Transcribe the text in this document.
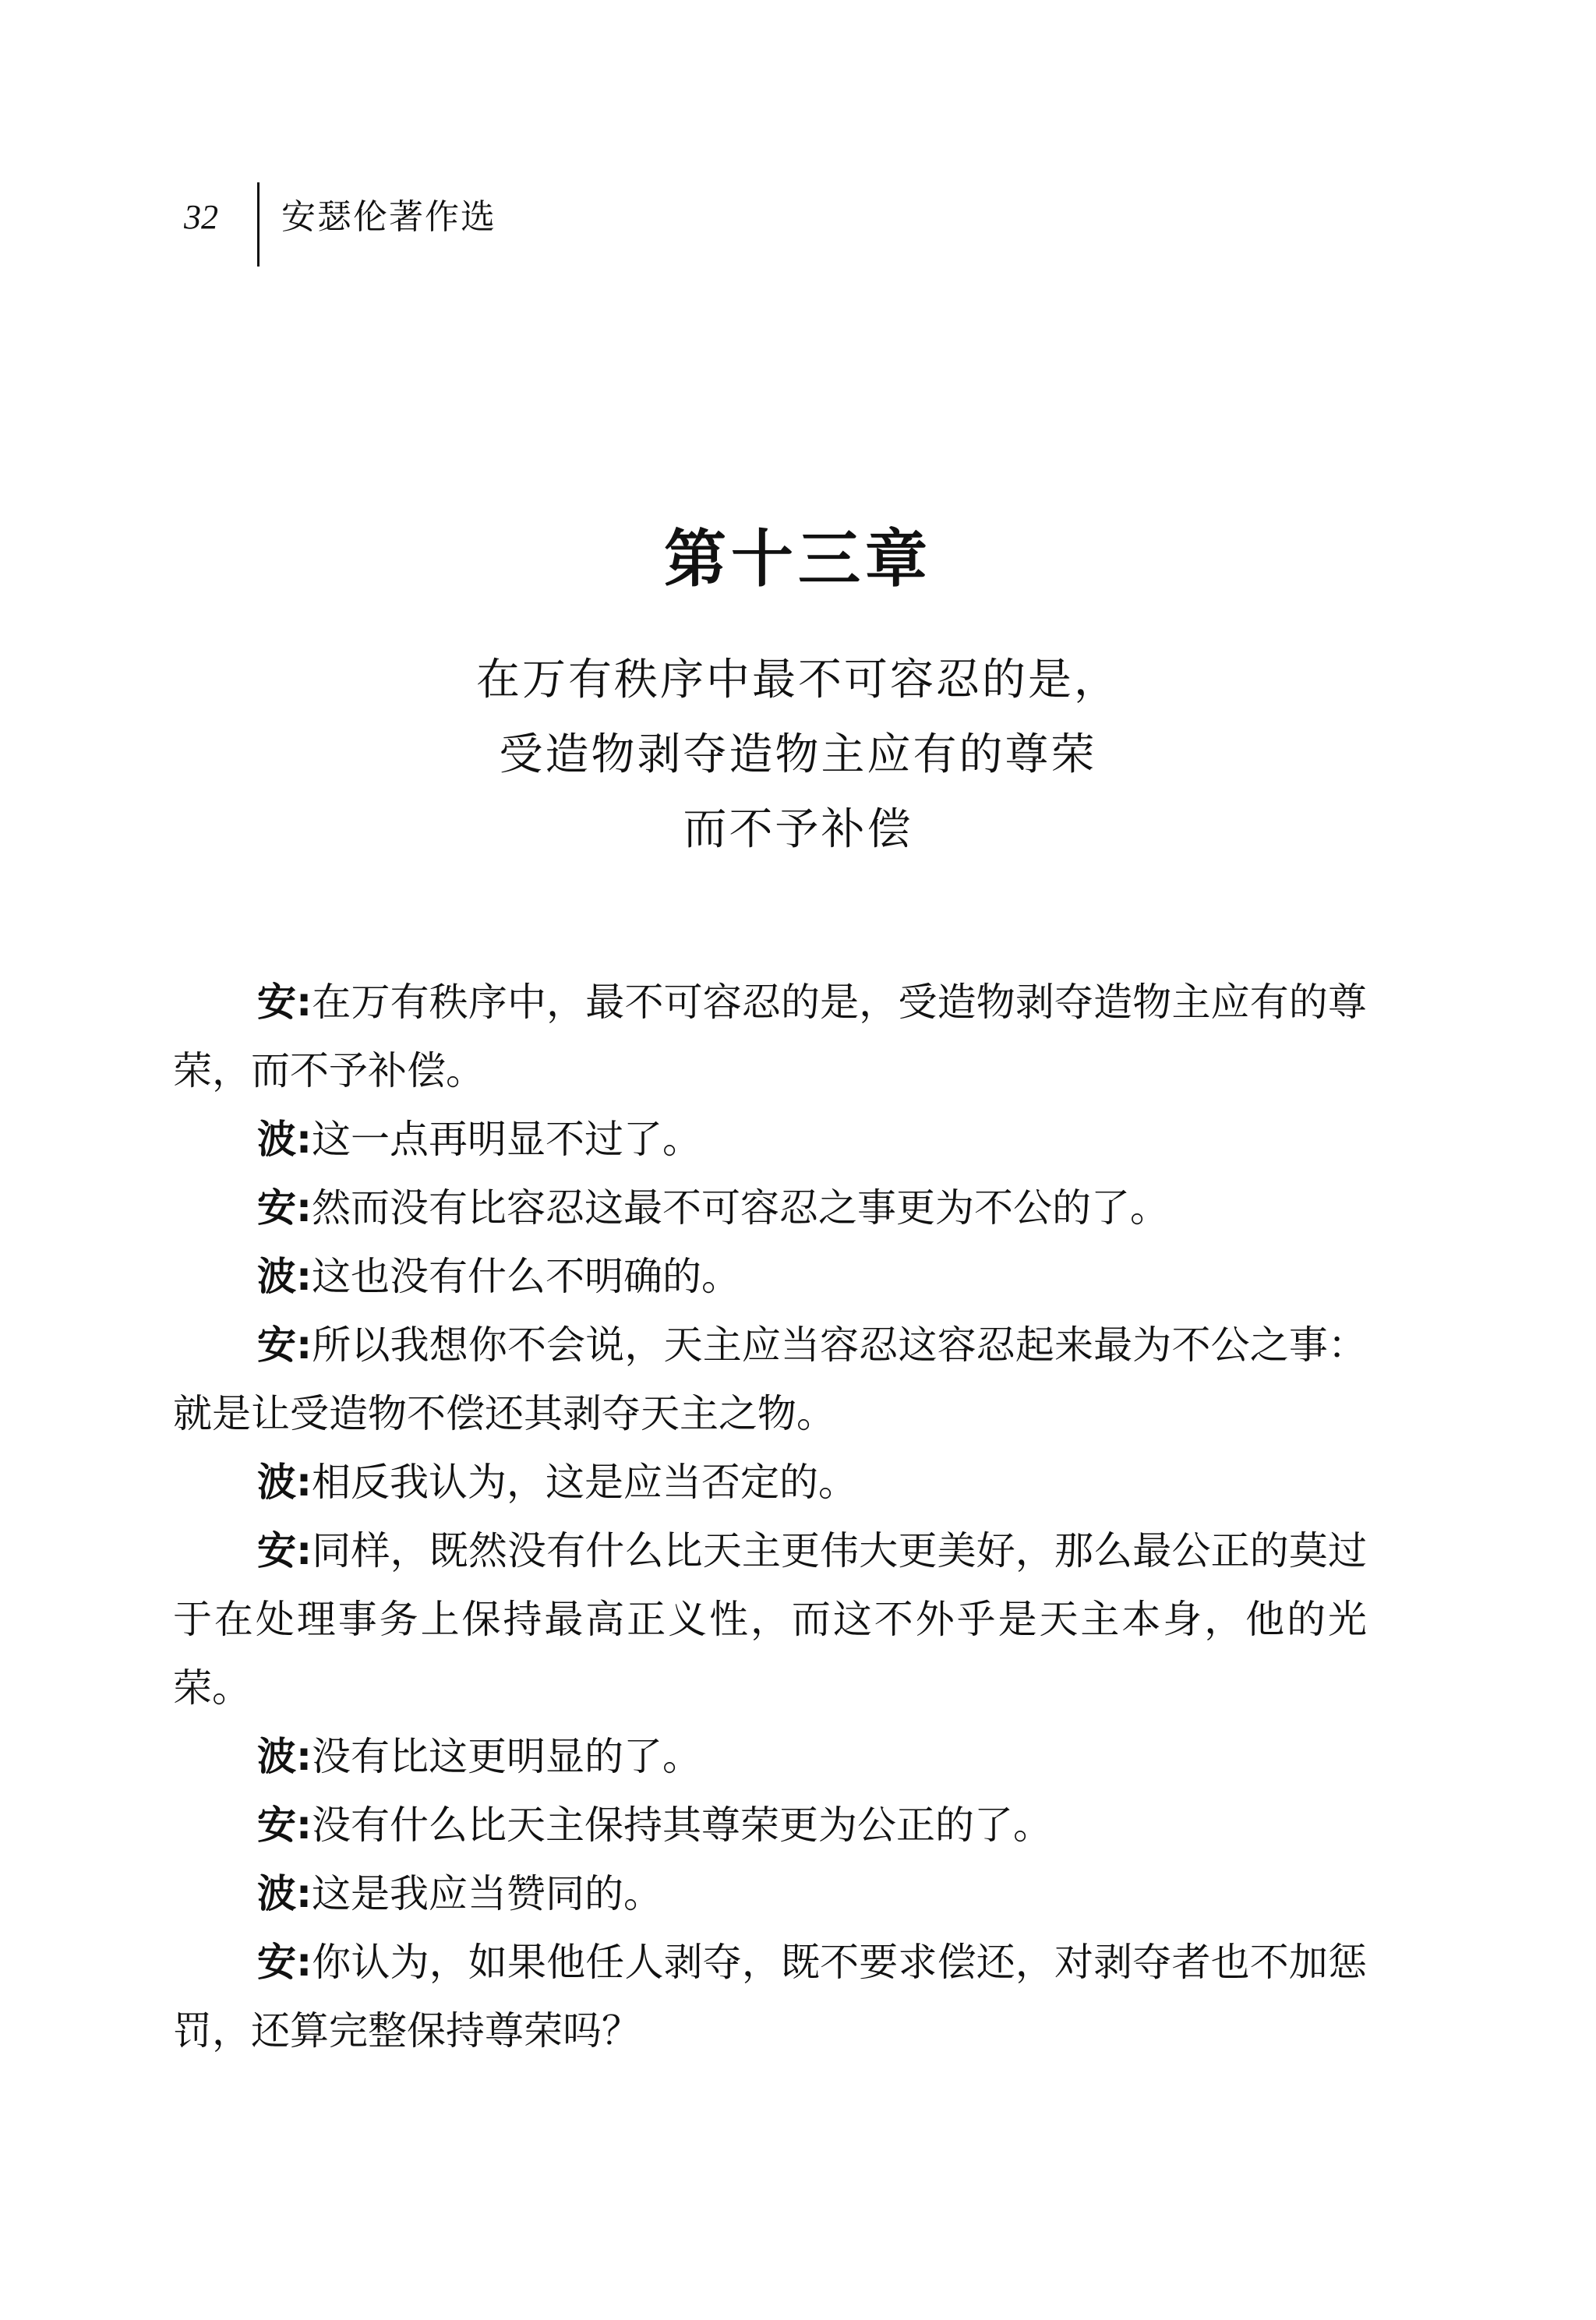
32 安瑟伦著作选
第十三章
在万有秩序中最不可容忍的是，
受造物剥夺造物主应有的尊荣
而不予补偿

安:在万有秩序中，最不可容忍的是，受造物剥夺造物主应有的尊荣，而不予补偿。

波:这一点再明显不过了。

安:然而没有比容忍这最不可容忍之事更为不公的了。

波:这也没有什么不明确的。

安:所以我想你不会说，天主应当容忍这容忍起来最为不公之事：就是让受造物不偿还其剥夺天主之物。

波:相反我认为，这是应当否定的。

安:同样，既然没有什么比天主更伟大更美好，那么最公正的莫过于在处理事务上保持最高正义性，而这不外乎是天主本身，他的光荣。

波:没有比这更明显的了。

安:没有什么比天主保持其尊荣更为公正的了。

波:这是我应当赞同的。

安:你认为，如果他任人剥夺，既不要求偿还，对剥夺者也不加惩罚，还算完整保持尊荣吗？
